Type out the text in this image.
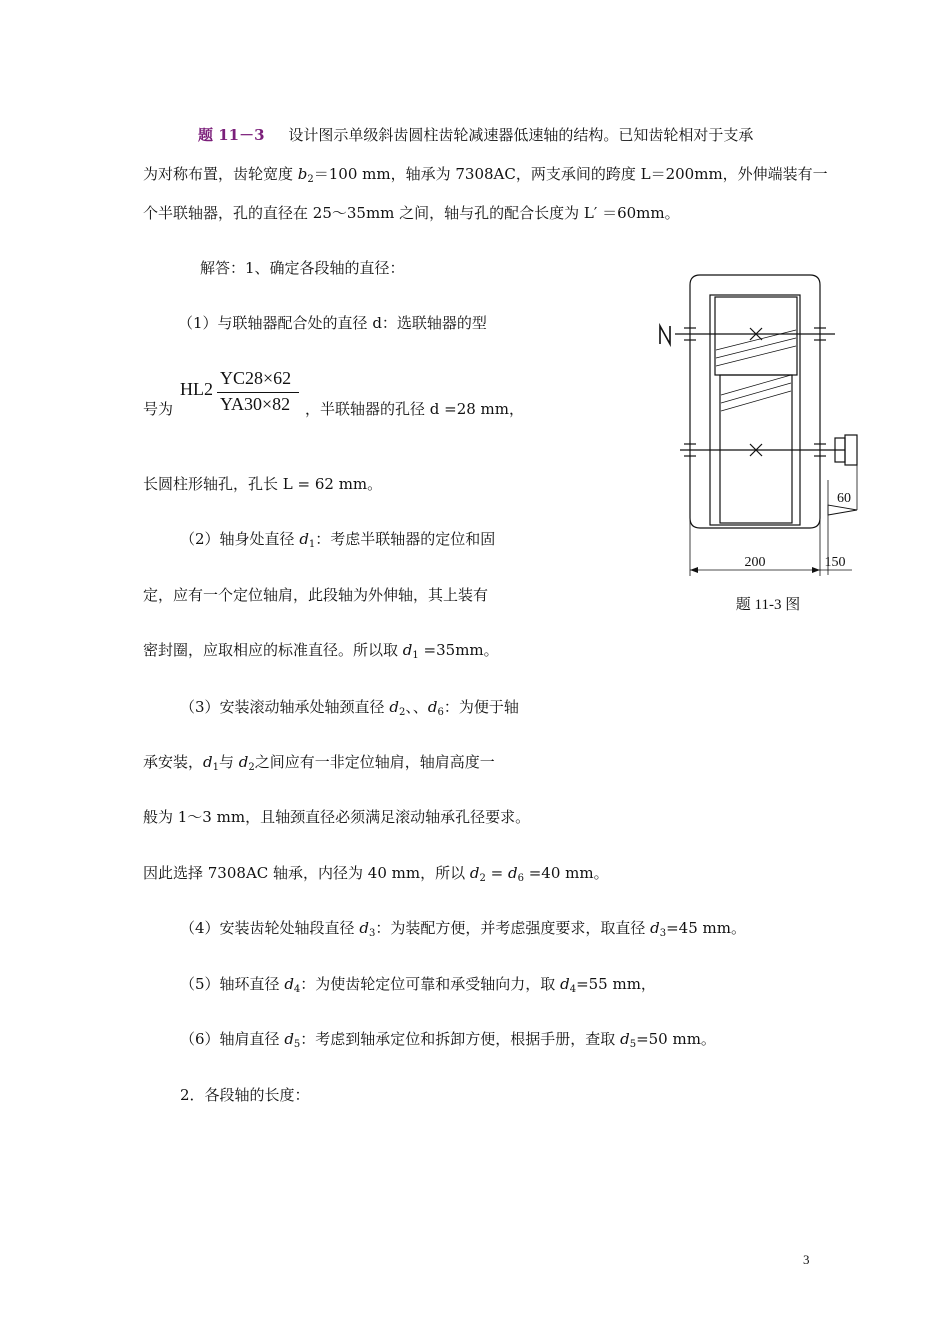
题 11－3 设计图示单级斜齿圆柱齿轮减速器低速轴的结构。已知齿轮相对于支承
为对称布置，齿轮宽度 $b_2=100$ mm，轴承为 7308AC，两支承间的跨度 L＝200mm，外伸端装有一
个半联轴器，孔的直径在 25～35mm 之间，轴与孔的配合长度为 L′ ＝60mm。
解答：1、确定各段轴的直径：
（1）与联轴器配合处的直径 d：选联轴器的型
号为
HL2
YC28×62
YA30×82 ，半联轴器的孔径 d =28 mm，
长圆柱形轴孔，孔长 L = 62 mm。
（2）轴身处直径 $d_1$：考虑半联轴器的定位和固
定，应有一个定位轴肩，此段轴为外伸轴，其上装有
密封圈，应取相应的标准直径。所以取 $d_1 =35mm$。
（3）安装滚动轴承处轴颈直径 $d_2$、、$d_6$：为便于轴
承安装，$d_1$与 $d_2$之间应有一非定位轴肩，轴肩高度一
般为 1～3 mm，且轴颈直径必须满足滚动轴承孔径要求。
因此选择 7308AC 轴承，内径为 40 mm，所以 $d_2 = d_6 =40$ mm。
（4）安装齿轮处轴段直径 $d_3$：为装配方便，并考虑强度要求，取直径 $d_3=45$ mm。
（5）轴环直径 $d_4$：为使齿轮定位可靠和承受轴向力，取 $d_4=55$ mm，
（6）轴肩直径 $d_5$：考虑到轴承定位和拆卸方便，根据手册，查取 $d_5=50$ mm。
2．各段轴的长度：
60
200	150
题 11-3 图
3
